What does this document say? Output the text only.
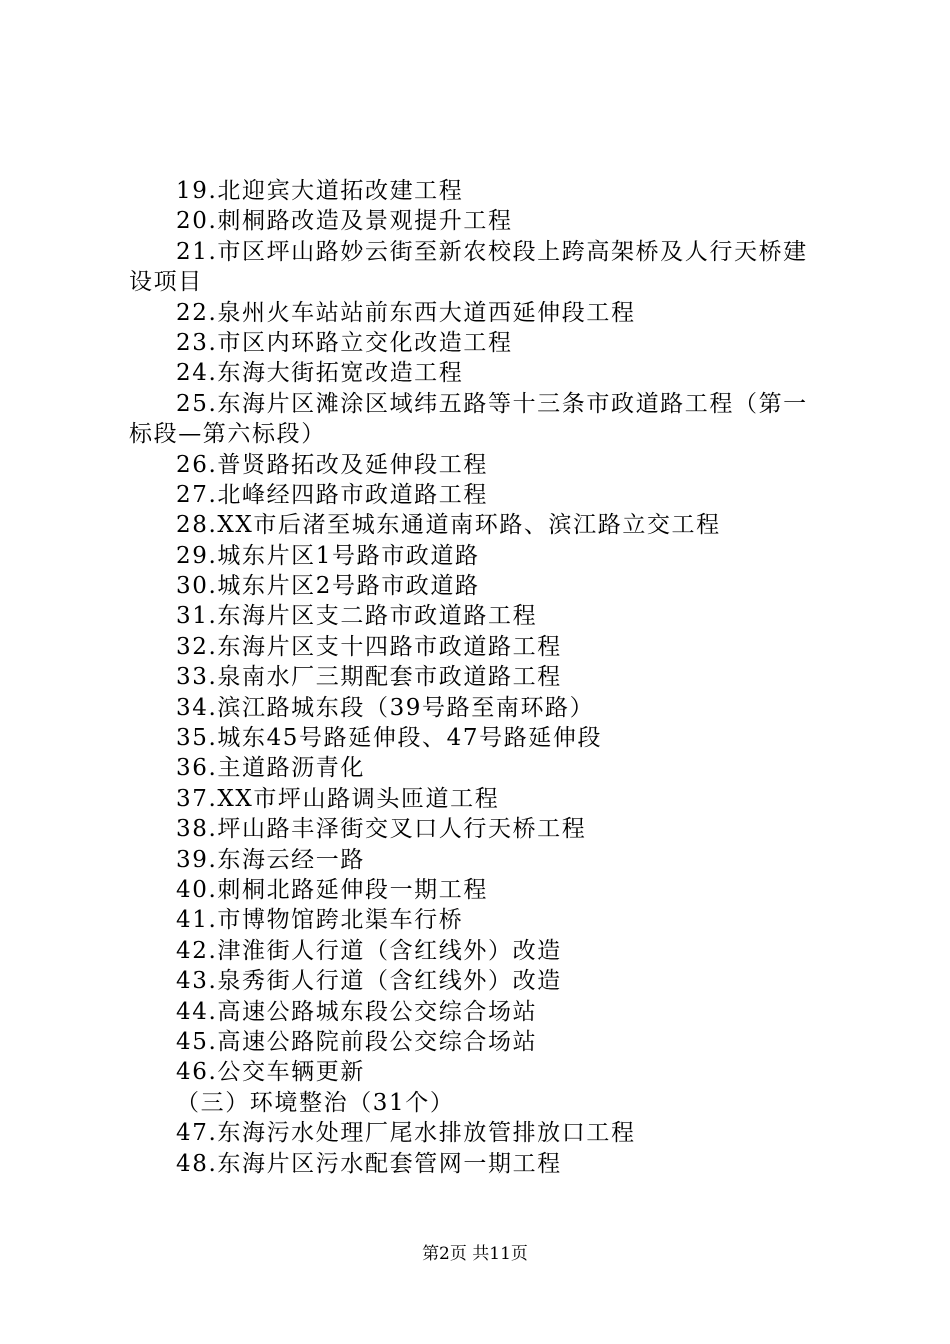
19.北迎宾大道拓改建工程
20.刺桐路改造及景观提升工程
21.市区坪山路妙云街至新农校段上跨高架桥及人行天桥建
设项目
22.泉州火车站站前东西大道西延伸段工程
23.市区内环路立交化改造工程
24.东海大街拓宽改造工程
25.东海片区滩涂区域纬五路等十三条市政道路工程（第一
标段—第六标段）
26.普贤路拓改及延伸段工程
27.北峰经四路市政道路工程
28.XX市后渚至城东通道南环路、滨江路立交工程
29.城东片区1号路市政道路
30.城东片区2号路市政道路
31.东海片区支二路市政道路工程
32.东海片区支十四路市政道路工程
33.泉南水厂三期配套市政道路工程
34.滨江路城东段（39号路至南环路）
35.城东45号路延伸段、47号路延伸段
36.主道路沥青化
37.XX市坪山路调头匝道工程
38.坪山路丰泽街交叉口人行天桥工程
39.东海云经一路
40.刺桐北路延伸段一期工程
41.市博物馆跨北渠车行桥
42.津淮街人行道（含红线外）改造
43.泉秀街人行道（含红线外）改造
44.高速公路城东段公交综合场站
45.高速公路院前段公交综合场站
46.公交车辆更新
（三）环境整治（31个）
47.东海污水处理厂尾水排放管排放口工程
48.东海片区污水配套管网一期工程
第2页 共11页
